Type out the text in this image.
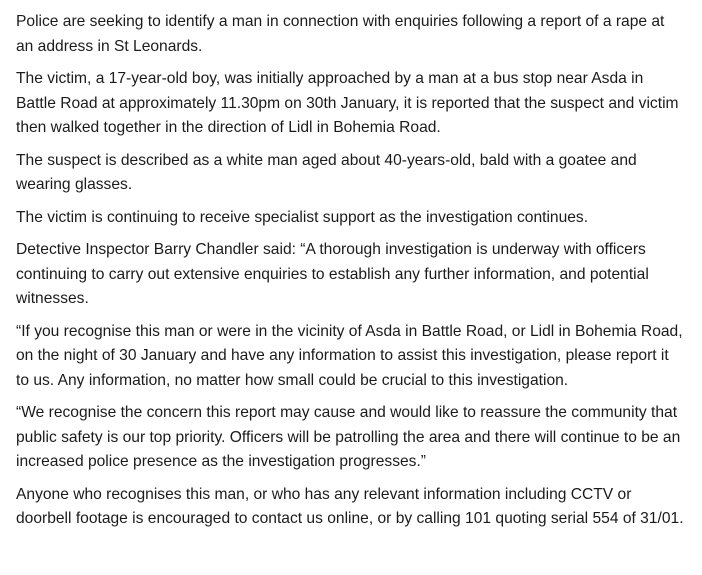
Police are seeking to identify a man in connection with enquiries following a report of a rape at an address in St Leonards.

The victim, a 17-year-old boy, was initially approached by a man at a bus stop near Asda in Battle Road at approximately 11.30pm on 30th January, it is reported that the suspect and victim then walked together in the direction of Lidl in Bohemia Road.

The suspect is described as a white man aged about 40-years-old, bald with a goatee and wearing glasses.

The victim is continuing to receive specialist support as the investigation continues.

Detective Inspector Barry Chandler said: “A thorough investigation is underway with officers continuing to carry out extensive enquiries to establish any further information, and potential witnesses.

“If you recognise this man or were in the vicinity of Asda in Battle Road, or Lidl in Bohemia Road, on the night of 30 January and have any information to assist this investigation, please report it to us. Any information, no matter how small could be crucial to this investigation.

“We recognise the concern this report may cause and would like to reassure the community that public safety is our top priority. Officers will be patrolling the area and there will continue to be an increased police presence as the investigation progresses.”

Anyone who recognises this man, or who has any relevant information including CCTV or doorbell footage is encouraged to contact us online, or by calling 101 quoting serial 554 of 31/01.
